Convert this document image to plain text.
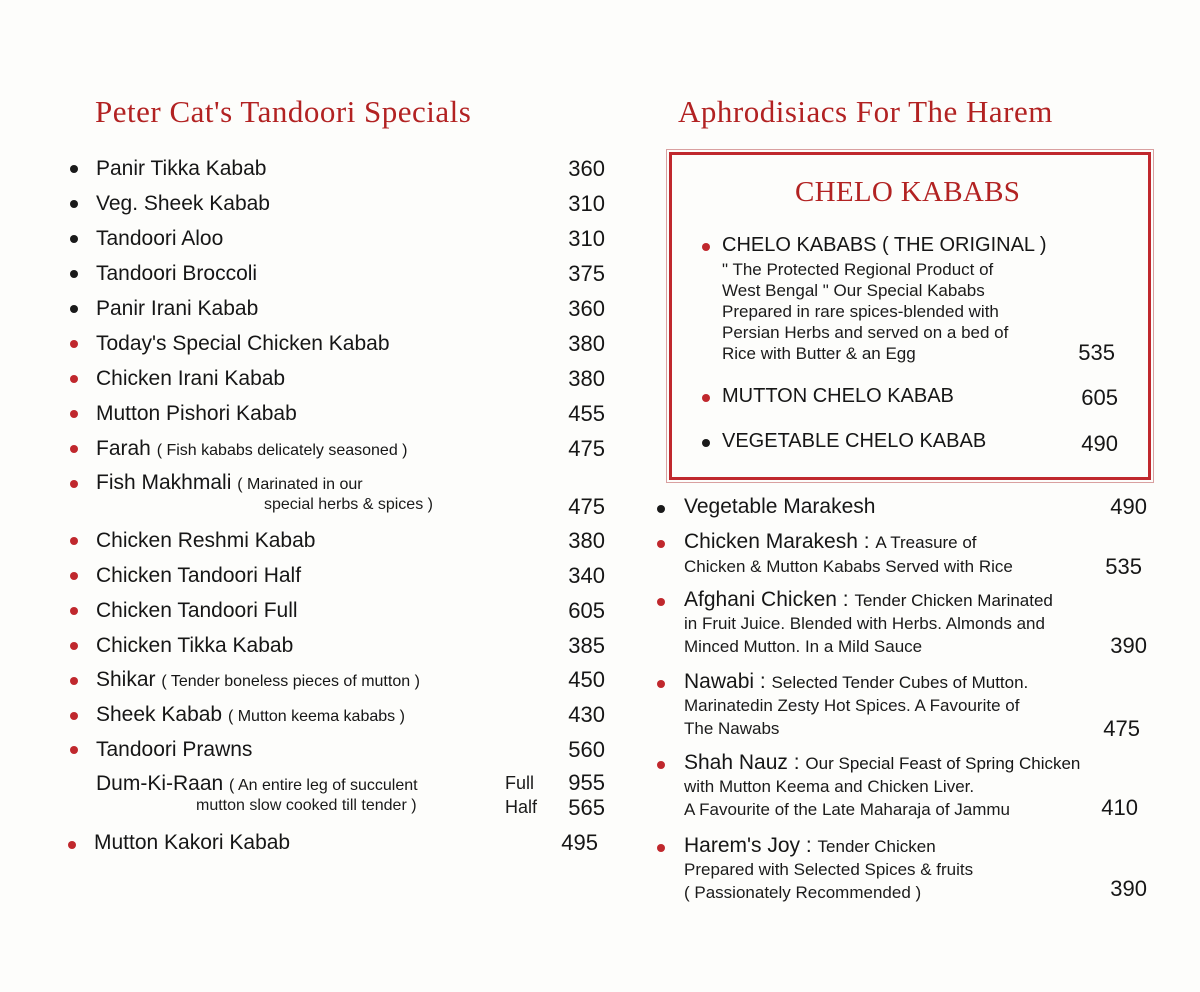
Peter Cat's Tandoori Specials
Panir Tikka Kabab	360
Veg. Sheek Kabab	310
Tandoori Aloo	310
Tandoori Broccoli	375
Panir Irani Kabab	360
Today's Special Chicken Kabab	380
Chicken Irani Kabab	380
Mutton Pishori Kabab	455
Farah ( Fish kababs delicately seasoned )	475
Fish Makhmali ( Marinated in our
special herbs & spices )	475
Chicken Reshmi Kabab	380
Chicken Tandoori Half	340
Chicken Tandoori Full	605
Chicken Tikka Kabab	385
Shikar ( Tender boneless pieces of mutton )	450
Sheek Kabab ( Mutton keema kababs )	430
Tandoori Prawns	560
Dum-Ki-Raan ( An entire leg of succulent
mutton slow cooked till tender )
Full	955
Half	565
Mutton Kakori Kabab	495
Aphrodisiacs For The Harem
CHELO KABABS
CHELO KABABS ( THE ORIGINAL )
" The Protected Regional Product of
West Bengal " Our Special Kababs
Prepared in rare spices-blended with
Persian Herbs and served on a bed of
Rice with Butter & an Egg	535
MUTTON CHELO KABAB	605
VEGETABLE CHELO KABAB	490
Vegetable Marakesh	490
Chicken Marakesh : A Treasure of
Chicken & Mutton Kababs Served with Rice	535
Afghani Chicken : Tender Chicken Marinated
in Fruit Juice. Blended with Herbs. Almonds and
Minced Mutton. In a Mild Sauce	390
Nawabi : Selected Tender Cubes of Mutton.
Marinatedin Zesty Hot Spices. A Favourite of
The Nawabs	475
Shah Nauz : Our Special Feast of Spring Chicken
with Mutton Keema and Chicken Liver.
A Favourite of the Late Maharaja of Jammu	410
Harem's Joy : Tender Chicken
Prepared with Selected Spices & fruits
( Passionately Recommended )	390
